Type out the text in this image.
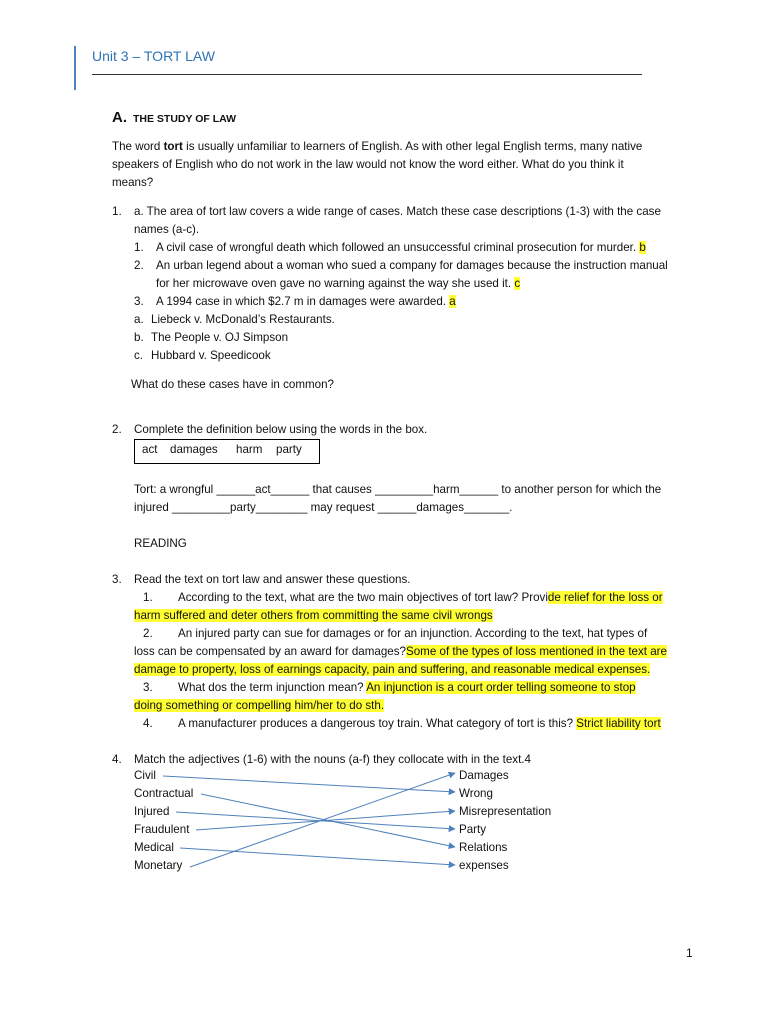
Unit 3 – TORT LAW
A. THE STUDY OF LAW
The word tort is usually unfamiliar to learners of English. As with other legal English terms, many native
speakers of English who do not work in the law would not know the word either. What do you think it
means?
1. a. The area of tort law covers a wide range of cases. Match these case descriptions (1-3) with the case
names (a-c).
1. A civil case of wrongful death which followed an unsuccessful criminal prosecution for murder. b
2. An urban legend about a woman who sued a company for damages because the instruction manual
for her microwave oven gave no warning against the way she used it. c
3. A 1994 case in which $2.7 m in damages were awarded. a
a. Liebeck v. McDonald’s Restaurants.
b. The People v. OJ Simpson
c. Hubbard v. Speedicook
What do these cases have in common?
2. Complete the definition below using the words in the box.
act damages harm party
Tort: a wrongful ______act______ that causes _________harm______ to another person for which the
injured _________party________ may request ______damages_______.
READING
3. Read the text on tort law and answer these questions.
1. According to the text, what are the two main objectives of tort law? Provide relief for the loss or
harm suffered and deter others from committing the same civil wrongs
2. An injured party can sue for damages or for an injunction. According to the text, hat types of
loss can be compensated by an award for damages?Some of the types of loss mentioned in the text are
damage to property, loss of earnings capacity, pain and suffering, and reasonable medical expenses.
3. What dos the term injunction mean? An injunction is a court order telling someone to stop
doing something or compelling him/her to do sth.
4. A manufacturer produces a dangerous toy train. What category of tort is this? Strict liability tort
4. Match the adjectives (1-6) with the nouns (a-f) they collocate with in the text.4
Civil
Contractual
Injured
Fraudulent
Medical
Monetary
Damages
Wrong
Misrepresentation
Party
Relations
expenses
1
